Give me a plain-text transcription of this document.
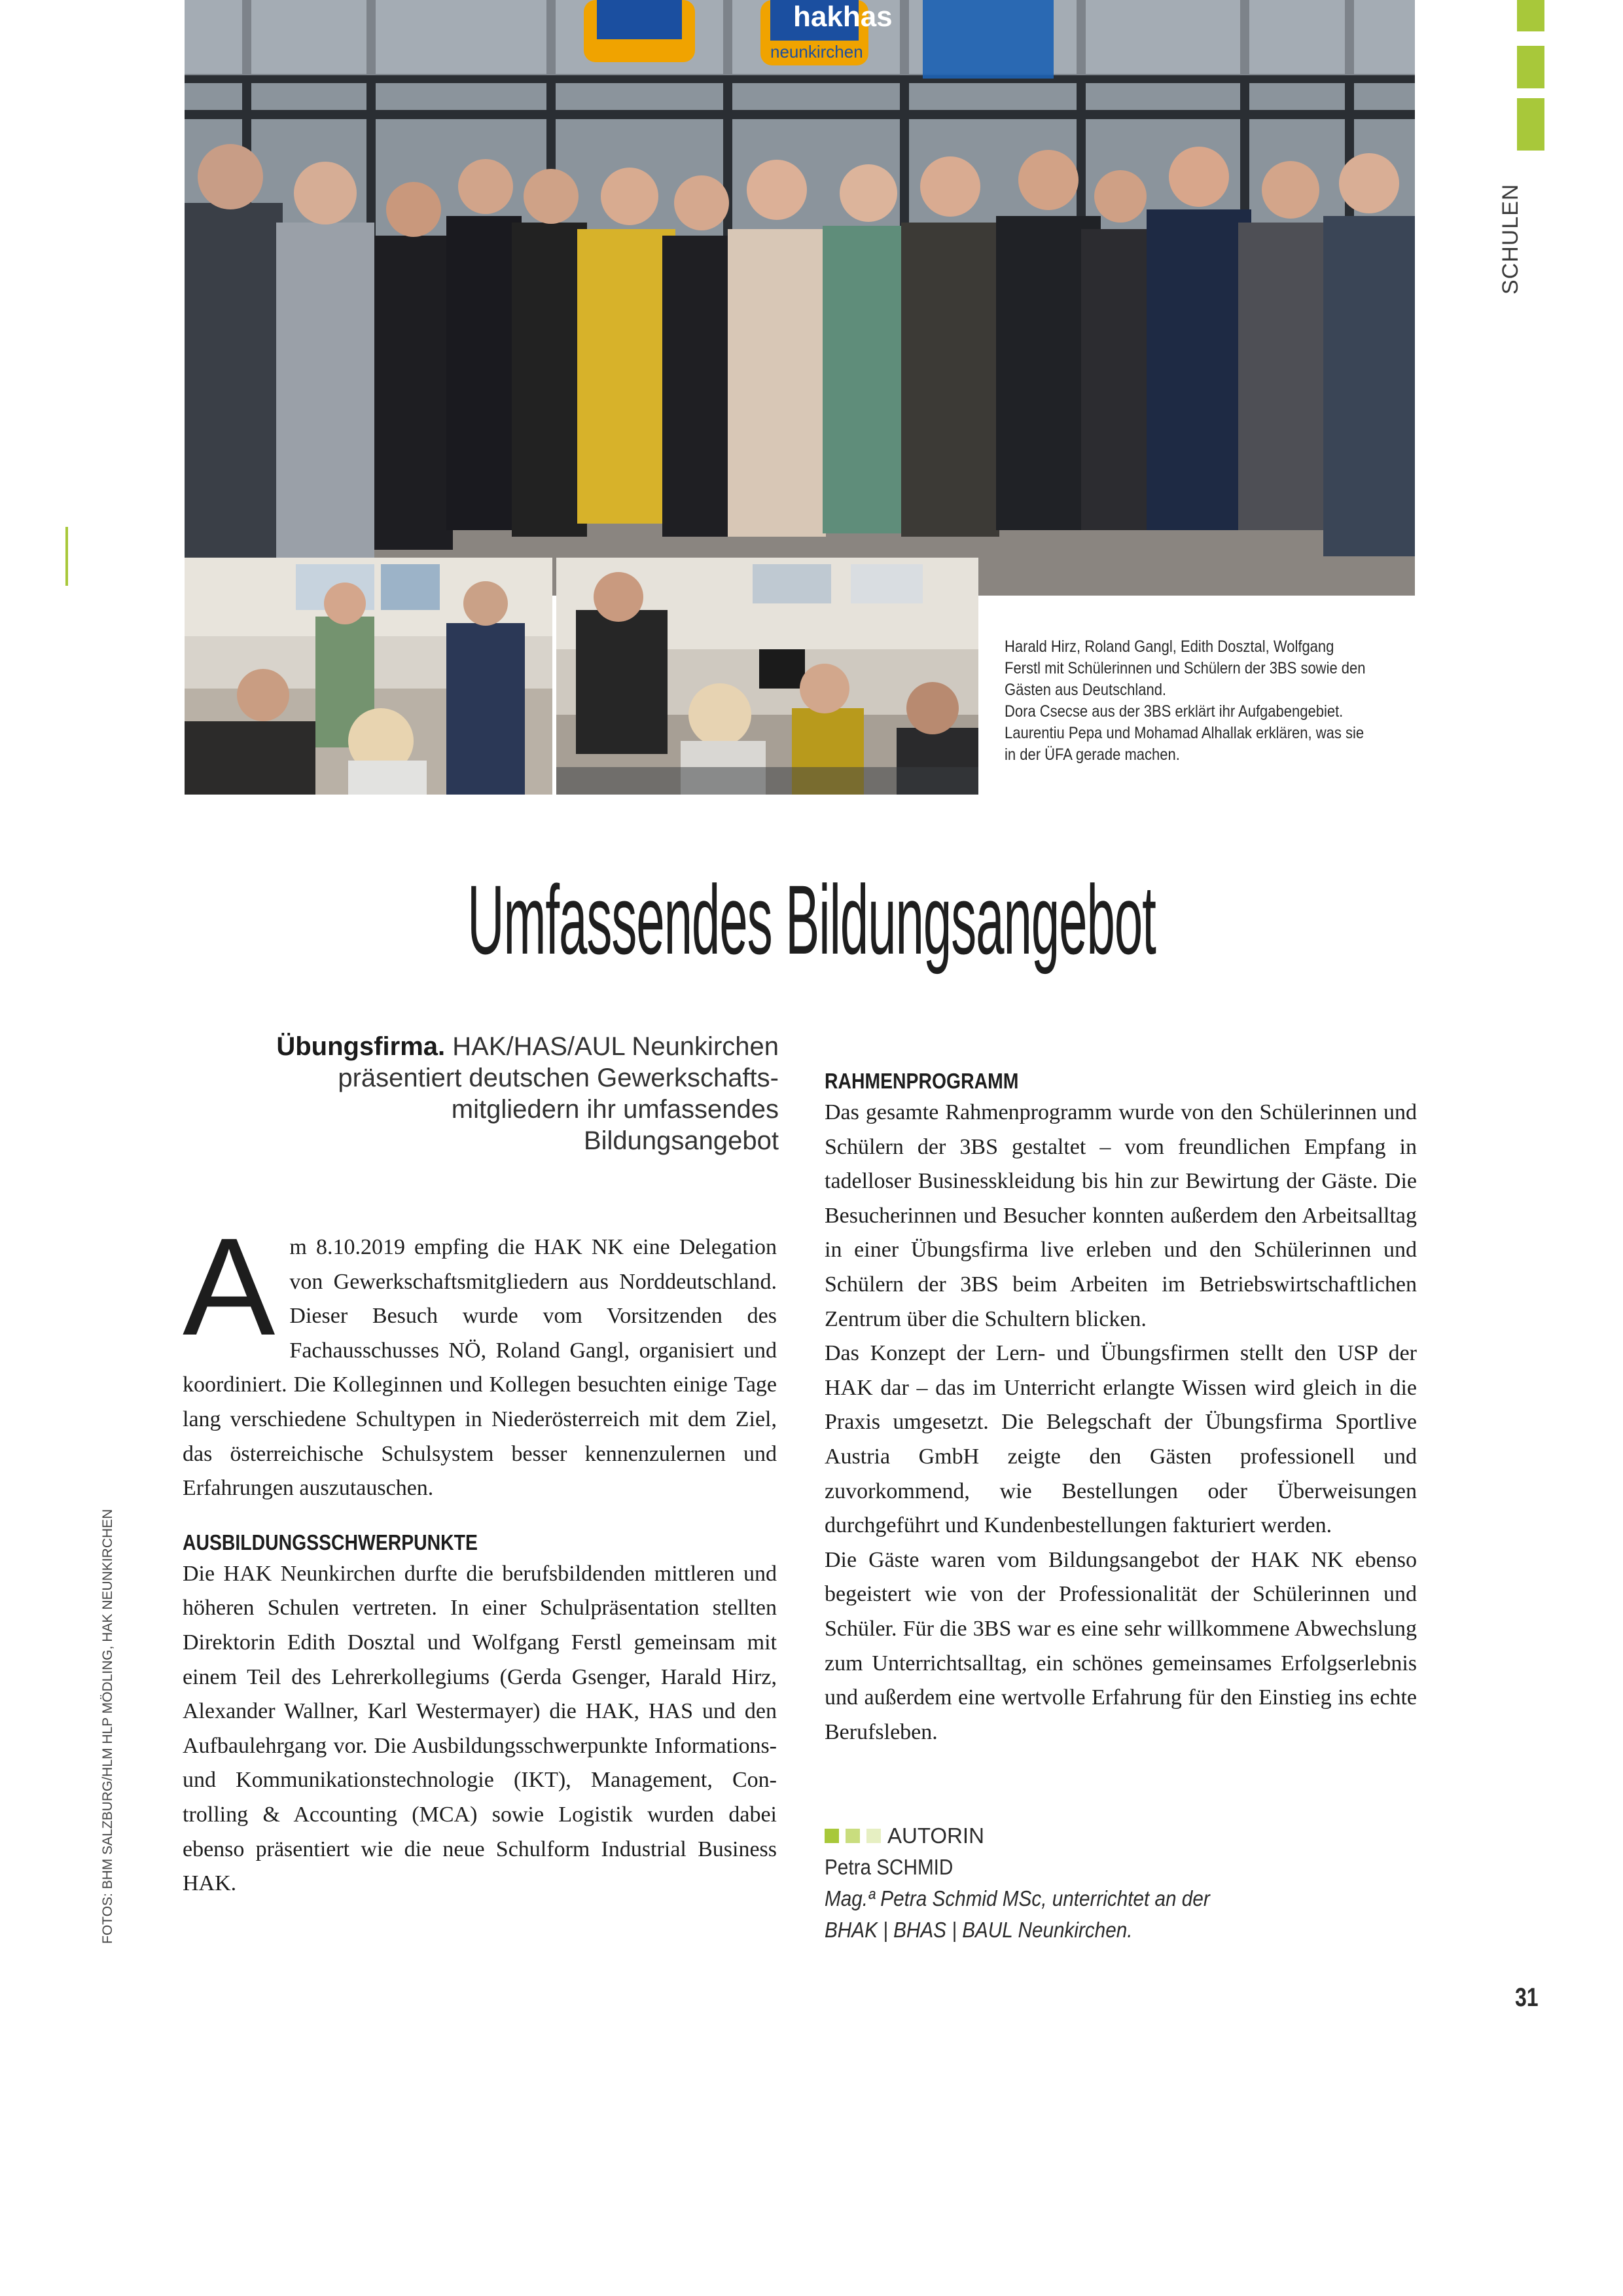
hakhas
neunkirchen

Harald Hirz, Roland Gangl, Edith Dosztal, Wolfgang Ferstl mit Schülerinnen und Schülern der 3BS sowie den Gästen aus Deutschland.

Dora Csecse aus der 3BS erklärt ihr Aufgabengebiet.

Laurentiu Pepa und Mohamad Alhallak erklären, was sie in der ÜFA gerade machen.

SCHULEN
Umfassendes Bildungsangebot
Übungsfirma. HAK/HAS/AUL Neunkirchen präsentiert deutschen Gewerkschaftsmitgliedern ihr umfassendes Bildungsangebot

Am 8.10.2019 empfing die HAK NK eine Delegation von Gewerkschaftsmitgliedern aus Norddeutschland. Dieser Besuch wurde vom Vorsitzenden des Fachausschusses NÖ, Roland Gangl, organisiert und koordiniert. Die Kolleginnen und Kollegen besuchten einige Tage lang verschiedene Schultypen in Niederösterreich mit dem Ziel, das österreichische Schulsystem besser kennenzulernen und Erfahrungen auszutauschen.

AUSBILDUNGSSCHWERPUNKTE

Die HAK Neunkirchen durfte die berufsbildenden mittleren und höheren Schulen vertreten. In einer Schulpräsentation stellten Direktorin Edith Dosztal und Wolfgang Ferstl gemeinsam mit einem Teil des Lehrerkollegiums (Gerda Gsenger, Harald Hirz, Alexander Wallner, Karl Westermayer) die HAK, HAS und den Aufbaulehrgang vor. Die Ausbildungsschwerpunkte Informations- und Kommunikationstechnologie (IKT), Management, Controlling & Accounting (MCA) sowie Logistik wurden dabei ebenso präsentiert wie die neue Schulform Industrial Business HAK.

RAHMENPROGRAMM

Das gesamte Rahmenprogramm wurde von den Schülerinnen und Schülern der 3BS gestaltet – vom freundlichen Empfang in tadelloser Businesskleidung bis hin zur Bewirtung der Gäste. Die Besucherinnen und Besucher konnten außerdem den Arbeitsalltag in einer Übungsfirma live erleben und den Schülerinnen und Schülern der 3BS beim Arbeiten im Betriebswirtschaftlichen Zentrum über die Schultern blicken.

Das Konzept der Lern- und Übungsfirmen stellt den USP der HAK dar – das im Unterricht erlangte Wissen wird gleich in die Praxis umgesetzt. Die Belegschaft der Übungsfirma Sportlive Austria GmbH zeigte den Gästen professionell und zuvorkommend, wie Bestellungen oder Überweisungen durchgeführt und Kundenbestellungen fakturiert werden.

Die Gäste waren vom Bildungsangebot der HAK NK ebenso begeistert wie von der Professionalität der Schülerinnen und Schüler. Für die 3BS war es eine sehr willkommene Abwechslung zum Unterrichtsalltag, ein schönes gemeinsames Erfolgserlebnis und außerdem eine wertvolle Erfahrung für den Einstieg ins echte Berufsleben.

AUTORIN
Petra SCHMID
Mag.ª Petra Schmid MSc, unterrichtet an der
BHAK | BHAS | BAUL Neunkirchen.
FOTOS: BHM SALZBURG/HLM HLP MÖDLING, HAK NEUNKIRCHEN
31
